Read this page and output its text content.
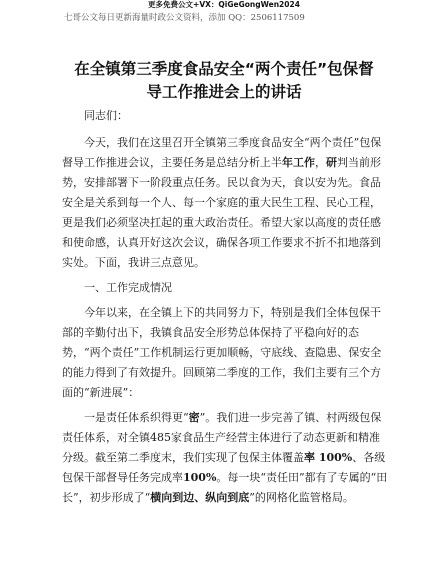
更多免费公文+VX：QiGeGongWen2024
七哥公文每日更新海量时政公文资料，添加 QQ：2506117509
在全镇第三季度食品安全“两个责任”包保督
导工作推进会上的讲话

同志们：

今天，我们在这里召开全镇第三季度食品安全“两个责任”包保督导工作推进会议，主要任务是总结分析上半年工作，研判当前形势，安排部署下一阶段重点任务。民以食为天，食以安为先。食品安全是关系到每一个人、每一个家庭的重大民生工程、民心工程，更是我们必须坚决扛起的重大政治责任。希望大家以高度的责任感和使命感，认真开好这次会议，确保各项工作要求不折不扣地落到实处。下面，我讲三点意见。

一、工作完成情况

今年以来，在全镇上下的共同努力下，特别是我们全体包保干部的辛勤付出下，我镇食品安全形势总体保持了平稳向好的态势，“两个责任”工作机制运行更加顺畅，守底线、查隐患、保安全的能力得到了有效提升。回顾第二季度的工作，我们主要有三个方面的“新进展”：

一是责任体系织得更“密”。我们进一步完善了镇、村两级包保责任体系，对全镇485家食品生产经营主体进行了动态更新和精准分级。截至第二季度末，我们实现了包保主体覆盖率 100%、各级包保干部督导任务完成率100%。每一块“责任田”都有了专属的“田长”，初步形成了“横向到边、纵向到底”的网格化监管格局。
